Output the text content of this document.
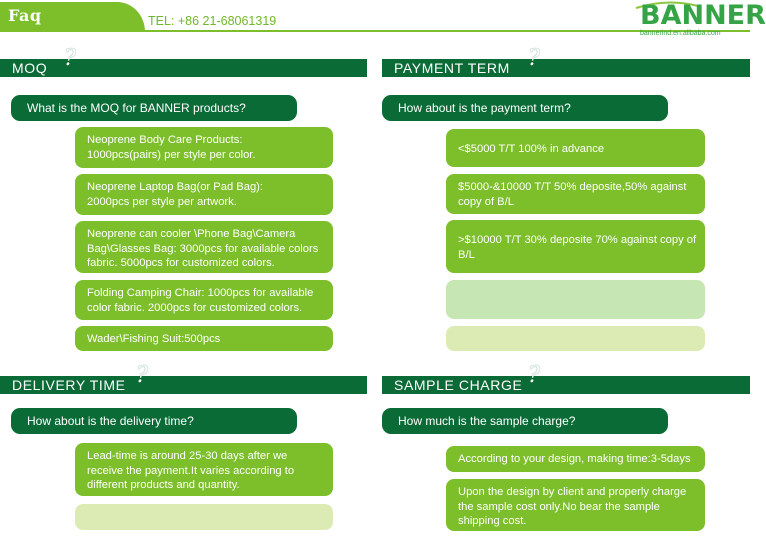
Faq	TEL: +86 21-68061319	BANNER
bannerind.en.alibaba.com
MOQ ?
What is the MOQ for BANNER products?
Neoprene Body Care Products:
1000pcs(pairs) per style per color.
Neoprene Laptop Bag(or Pad Bag):
2000pcs per style per artwork.
Neoprene can cooler \Phone Bag\Camera Bag\Glasses Bag: 3000pcs for available colors fabric. 5000pcs for customized colors.
Folding Camping Chair: 1000pcs for available color fabric. 2000pcs for customized colors.
Wader\Fishing Suit:500pcs
PAYMENT TERM ?
How about is the payment term?
<$5000 T/T 100% in advance
$5000-&10000 T/T 50% deposite,50% against copy of B/L
>$10000 T/T 30% deposite 70% against copy of B/L
DELIVERY TIME ?
How about is the delivery time?
Lead-time is around 25-30 days after we receive the payment.It varies according to different products and quantity.
SAMPLE CHARGE ?
How much is the sample charge?
According to your design, making time:3-5days
Upon the design by client and properly charge the sample cost only.No bear the sample shipping cost.
